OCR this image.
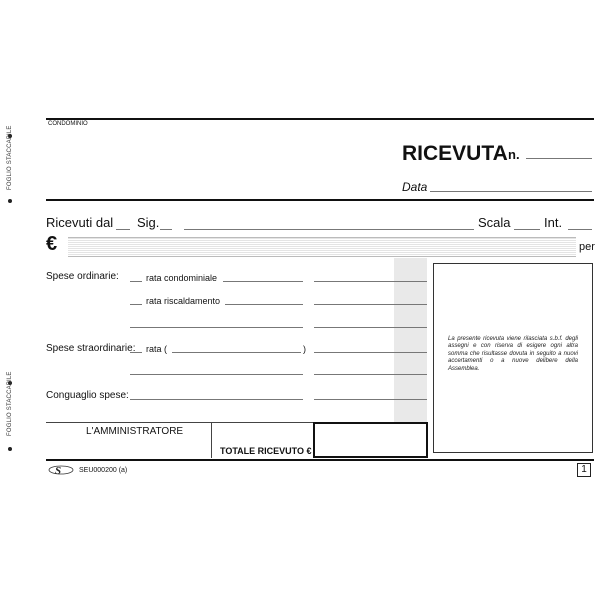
FOGLIO STACCABILE
FOGLIO STACCABILE
CONDOMINIO
RICEVUTA n.
Data
Ricevuti dal Sig.	Scala	Int.
€	per
Spese ordinarie:	rata condominiale
rata riscaldamento
Spese straordinarie: rata (	)
Conguaglio spese:
La presente ricevuta viene rilasciata s.b.f. degli assegni e con riserva di esigere ogni altra somma che risultasse dovuta in seguito a nuovi accertamenti o a nuove delibere della Assemblea.
L'AMMINISTRATORE
TOTALE RICEVUTO €
S	SEU000200 (a)	1
